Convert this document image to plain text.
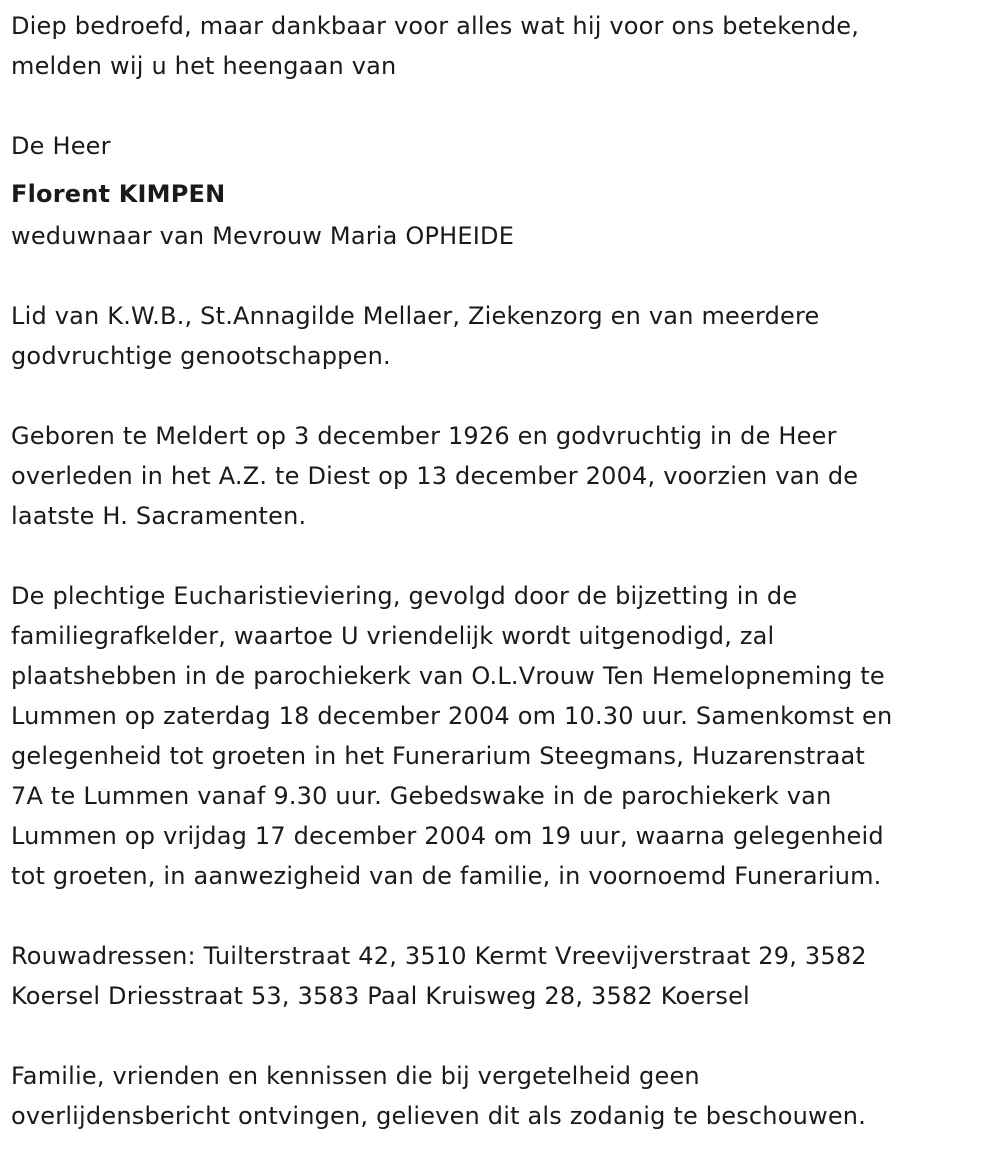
Diep bedroefd, maar dankbaar voor alles wat hij voor ons betekende,
melden wij u het heengaan van

De Heer

Florent KIMPEN

weduwnaar van Mevrouw Maria OPHEIDE

Lid van K.W.B., St.Annagilde Mellaer, Ziekenzorg en van meerdere
godvruchtige genootschappen.

Geboren te Meldert op 3 december 1926 en godvruchtig in de Heer
overleden in het A.Z. te Diest op 13 december 2004, voorzien van de
laatste H. Sacramenten.

De plechtige Eucharistieviering, gevolgd door de bijzetting in de
familiegrafkelder, waartoe U vriendelijk wordt uitgenodigd, zal
plaatshebben in de parochiekerk van O.L.Vrouw Ten Hemelopneming te
Lummen op zaterdag 18 december 2004 om 10.30 uur. Samenkomst en
gelegenheid tot groeten in het Funerarium Steegmans, Huzarenstraat
7A te Lummen vanaf 9.30 uur. Gebedswake in de parochiekerk van
Lummen op vrijdag 17 december 2004 om 19 uur, waarna gelegenheid
tot groeten, in aanwezigheid van de familie, in voornoemd Funerarium.

Rouwadressen: Tuilterstraat 42, 3510 Kermt Vreevijverstraat 29, 3582
Koersel Driesstraat 53, 3583 Paal Kruisweg 28, 3582 Koersel

Familie, vrienden en kennissen die bij vergetelheid geen
overlijdensbericht ontvingen, gelieven dit als zodanig te beschouwen.
